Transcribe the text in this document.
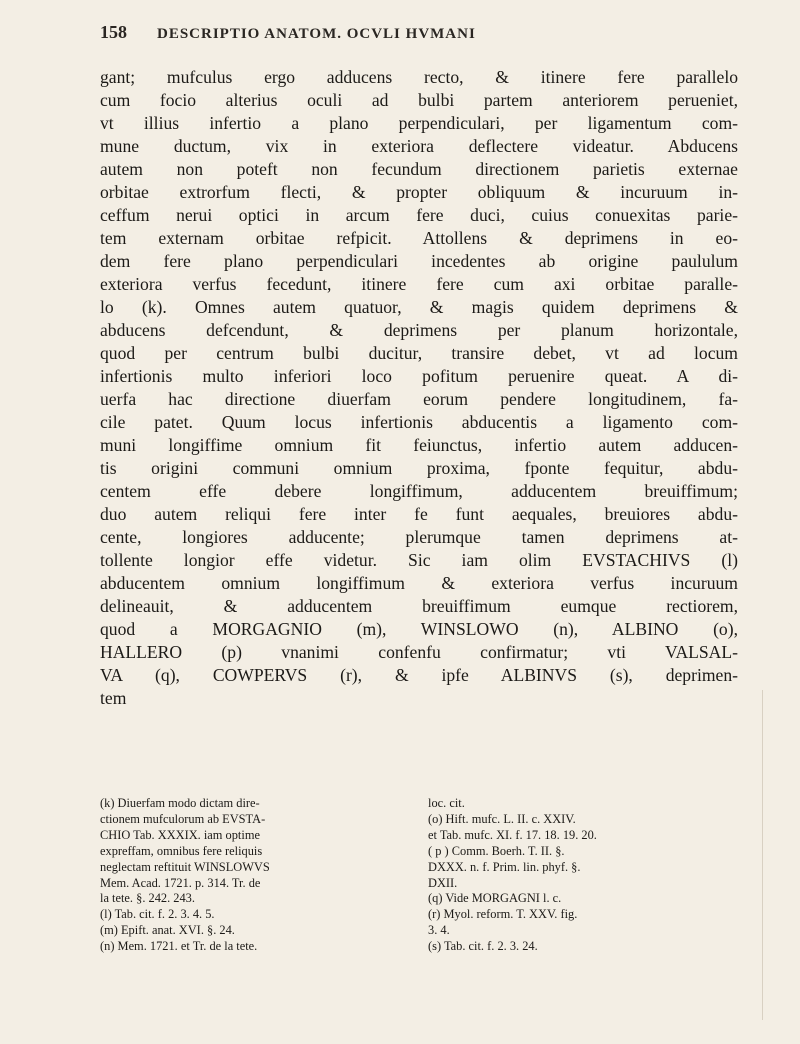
158 DESCRIPTIO ANATOM. OCVLI HVMANI
gant; mufculus ergo adducens recto, & itinere fere parallelo
cum focio alterius oculi ad bulbi partem anteriorem perueniet,
vt illius infertio a plano perpendiculari, per ligamentum com-
mune ductum, vix in exteriora deflectere videatur. Abducens
autem non poteft non fecundum directionem parietis externae
orbitae extrorfum flecti, & propter obliquum & incuruum in-
ceffum nerui optici in arcum fere duci, cuius conuexitas parie-
tem externam orbitae refpicit. Attollens & deprimens in eo-
dem fere plano perpendiculari incedentes ab origine paululum
exteriora verfus fecedunt, itinere fere cum axi orbitae paralle-
lo (k). Omnes autem quatuor, & magis quidem deprimens &
abducens defcendunt, & deprimens per planum horizontale,
quod per centrum bulbi ducitur, transire debet, vt ad locum
infertionis multo inferiori loco pofitum peruenire queat. A di-
uerfa hac directione diuerfam eorum pendere longitudinem, fa-
cile patet. Quum locus infertionis abducentis a ligamento com-
muni longiffime omnium fit feiunctus, infertio autem adducen-
tis origini communi omnium proxima, fponte fequitur, abdu-
centem effe debere longiffimum, adducentem breuiffimum;
duo autem reliqui fere inter fe funt aequales, breuiores abdu-
cente, longiores adducente; plerumque tamen deprimens at-
tollente longior effe videtur. Sic iam olim EVSTACHIVS (l)
abducentem omnium longiffimum & exteriora verfus incuruum
delineauit, & adducentem breuiffimum eumque rectiorem,
quod a MORGAGNIO (m), WINSLOWO (n), ALBINO (o),
HALLERO (p) vnanimi confenfu confirmatur; vti VALSAL-
VA (q), COWPERVS (r), & ipfe ALBINVS (s), deprimen-
tem
(k) Diuerfam modo dictam dire-
ctionem mufculorum ab EVSTA-
CHIO Tab. XXXIX. iam optime
expreffam, omnibus fere reliquis
neglectam reftituit WINSLOWVS
Mem. Acad. 1721. p. 314. Tr. de
la tete. §. 242. 243.
(l) Tab. cit. f. 2. 3. 4. 5.
(m) Epift. anat. XVI. §. 24.
(n) Mem. 1721. et Tr. de la tete.
loc. cit.
(o) Hift. mufc. L. II. c. XXIV.
et Tab. mufc. XI. f. 17. 18. 19. 20.
( p ) Comm. Boerh. T. II. §.
DXXX. n. f. Prim. lin. phyf. §.
DXII.
(q) Vide MORGAGNI l. c.
(r) Myol. reform. T. XXV. fig.
3. 4.
(s) Tab. cit. f. 2. 3. 24.
